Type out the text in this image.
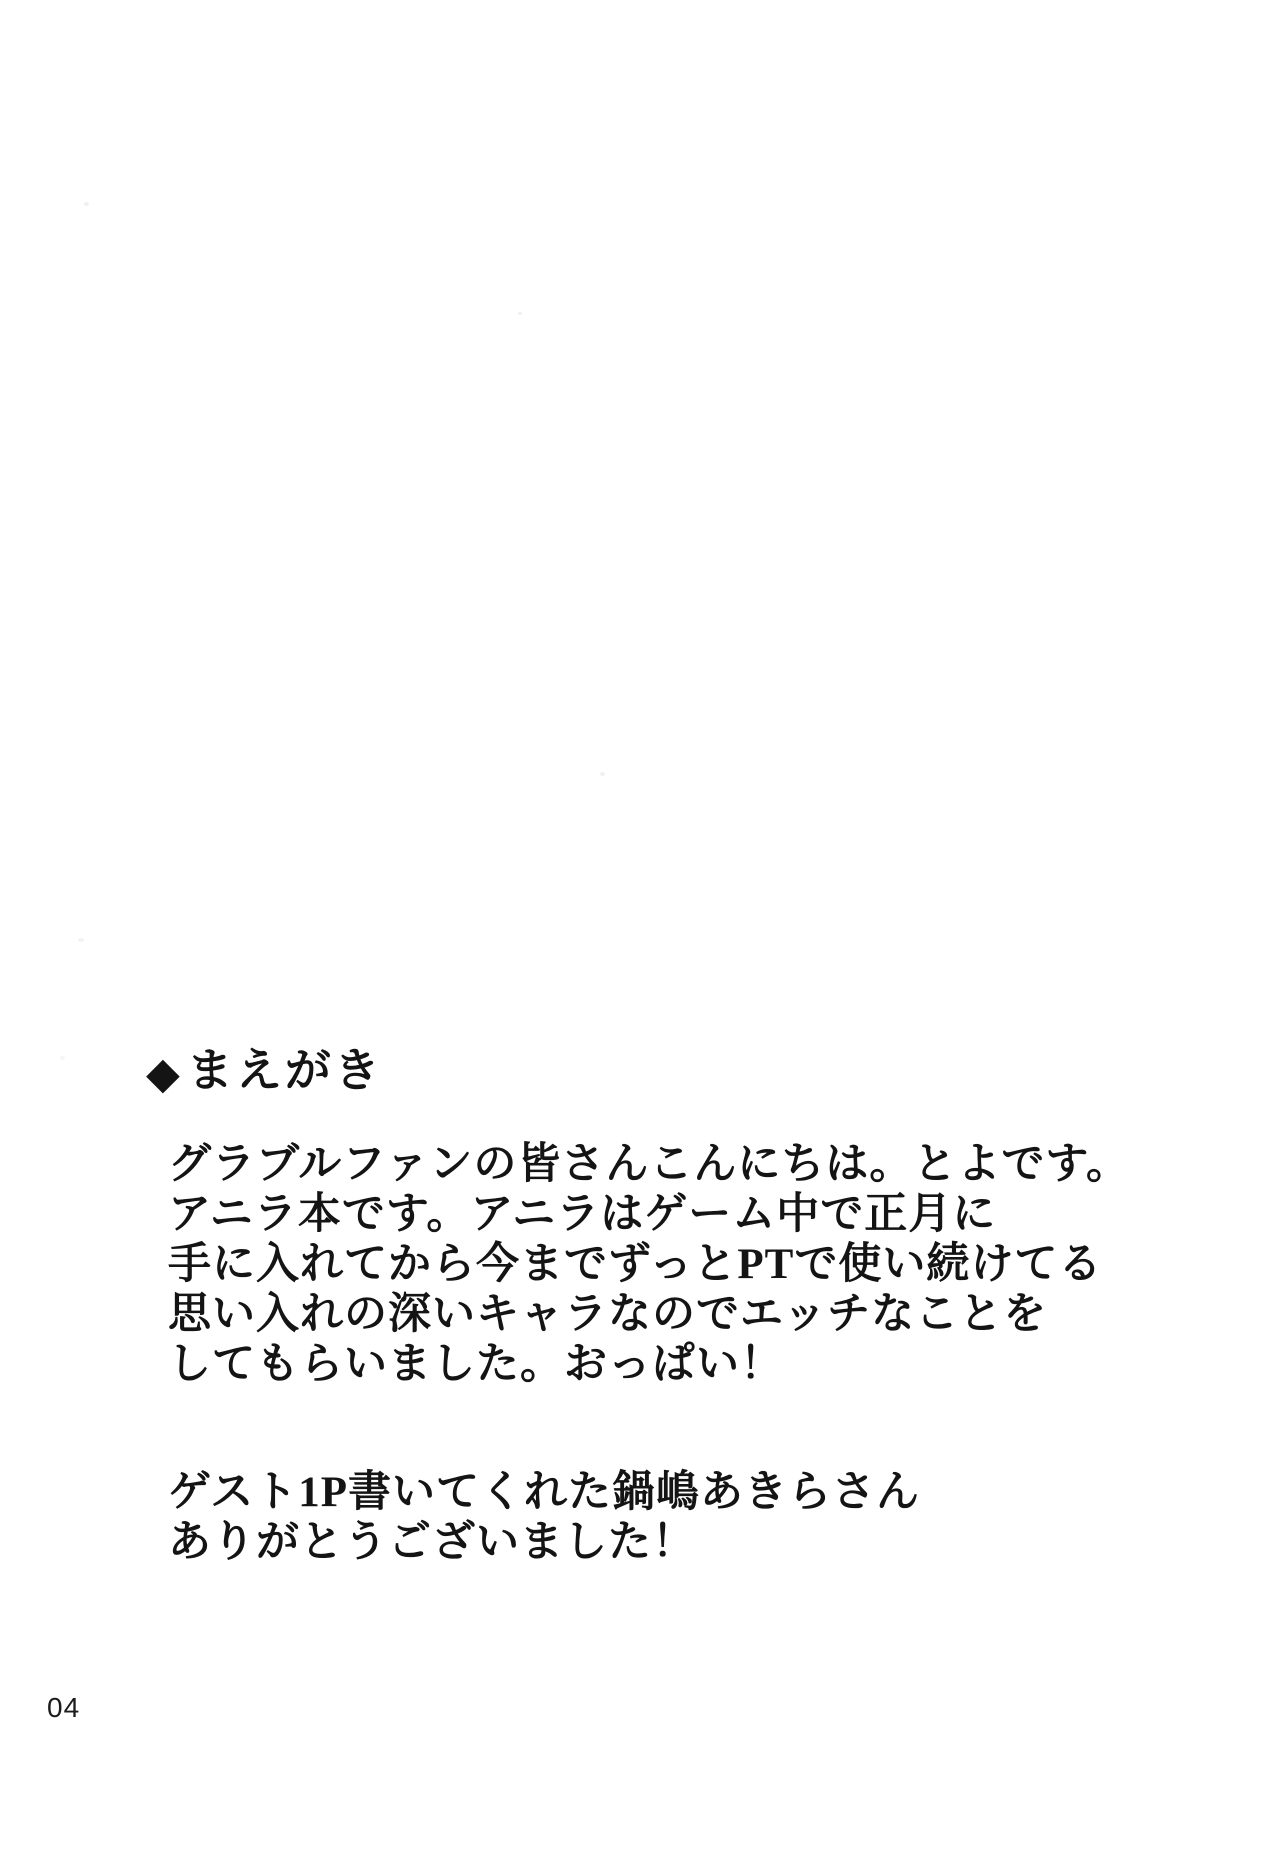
◆まえがき
グラブルファンの皆さんこんにちは。とよです。
アニラ本です。アニラはゲーム中で正月に
手に入れてから今までずっとPTで使い続けてる
思い入れの深いキャラなのでエッチなことを
してもらいました。おっぱい！
ゲスト1P書いてくれた鍋嶋あきらさん
ありがとうございました！
04
